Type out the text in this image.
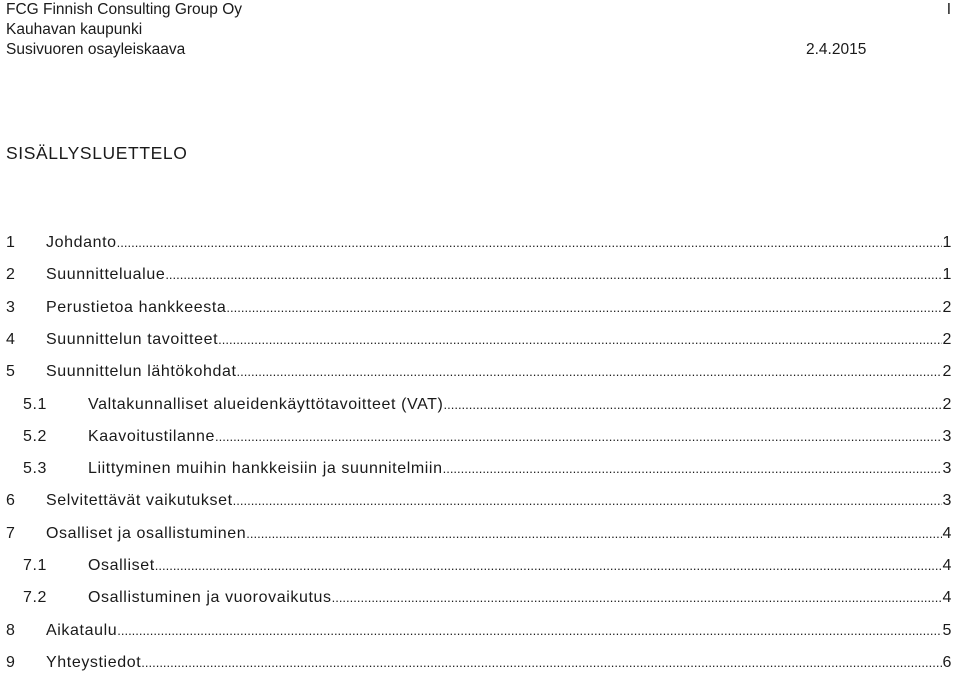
FCG Finnish Consulting Group Oy	I
Kauhavan kaupunki
Susivuoren osayleiskaava	2.4.2015
SISÄLLYSLUETTELO
1	Johdanto .....	1
2	Suunnittelualue .....	1
3	Perustietoa hankkeesta .....	2
4	Suunnittelun tavoitteet .....	2
5	Suunnittelun lähtökohdat .....	2
5.1	Valtakunnalliset alueidenkäyttötavoitteet (VAT) .....	2
5.2	Kaavoitustilanne .....	3
5.3	Liittyminen muihin hankkeisiin ja suunnitelmiin .....	3
6	Selvitettävät vaikutukset .....	3
7	Osalliset ja osallistuminen .....	4
7.1	Osalliset .....	4
7.2	Osallistuminen ja vuorovaikutus .....	4
8	Aikataulu .....	5
9	Yhteystiedot .....	6
